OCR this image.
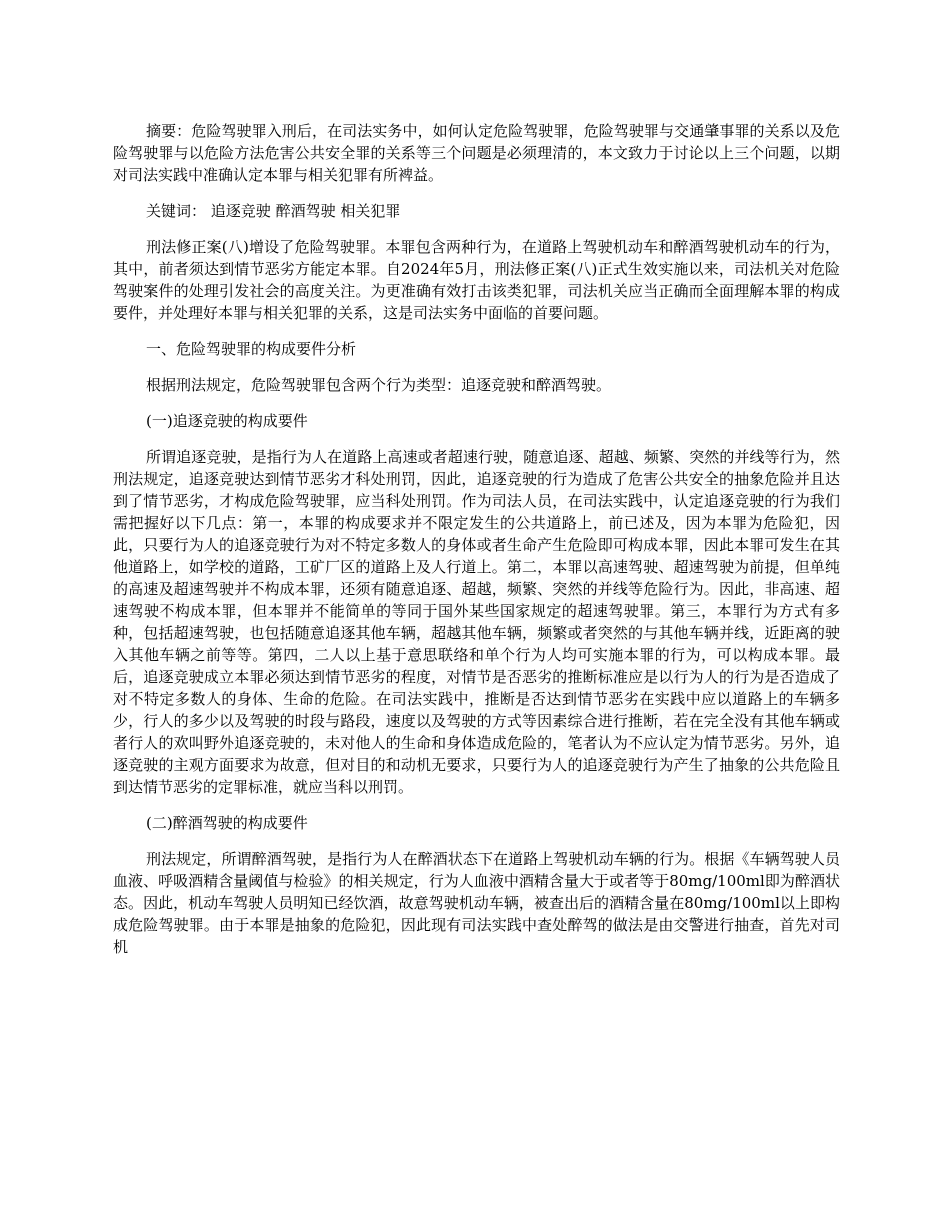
摘要：危险驾驶罪入刑后，在司法实务中，如何认定危险驾驶罪，危险驾驶罪与交通肇事罪的关系以及危险驾驶罪与以危险方法危害公共安全罪的关系等三个问题是必须理清的，本文致力于讨论以上三个问题，以期对司法实践中准确认定本罪与相关犯罪有所裨益。

关键词： 追逐竞驶 醉酒驾驶 相关犯罪

刑法修正案(八)增设了危险驾驶罪。本罪包含两种行为，在道路上驾驶机动车和醉酒驾驶机动车的行为，其中，前者须达到情节恶劣方能定本罪。自2024年5月，刑法修正案(八)正式生效实施以来，司法机关对危险驾驶案件的处理引发社会的高度关注。为更准确有效打击该类犯罪，司法机关应当正确而全面理解本罪的构成要件，并处理好本罪与相关犯罪的关系，这是司法实务中面临的首要问题。

一、危险驾驶罪的构成要件分析

根据刑法规定，危险驾驶罪包含两个行为类型：追逐竞驶和醉酒驾驶。

(一)追逐竞驶的构成要件

所谓追逐竞驶，是指行为人在道路上高速或者超速行驶，随意追逐、超越、频繁、突然的并线等行为，然刑法规定，追逐竞驶达到情节恶劣才科处刑罚，因此，追逐竞驶的行为造成了危害公共安全的抽象危险并且达到了情节恶劣，才构成危险驾驶罪，应当科处刑罚。作为司法人员，在司法实践中，认定追逐竞驶的行为我们需把握好以下几点：第一，本罪的构成要求并不限定发生的公共道路上，前已述及，因为本罪为危险犯，因此，只要行为人的追逐竞驶行为对不特定多数人的身体或者生命产生危险即可构成本罪，因此本罪可发生在其他道路上，如学校的道路，工矿厂区的道路上及人行道上。第二，本罪以高速驾驶、超速驾驶为前提，但单纯的高速及超速驾驶并不构成本罪，还须有随意追逐、超越，频繁、突然的并线等危险行为。因此，非高速、超速驾驶不构成本罪，但本罪并不能简单的等同于国外某些国家规定的超速驾驶罪。第三，本罪行为方式有多种，包括超速驾驶，也包括随意追逐其他车辆，超越其他车辆，频繁或者突然的与其他车辆并线，近距离的驶入其他车辆之前等等。第四，二人以上基于意思联络和单个行为人均可实施本罪的行为，可以构成本罪。最后，追逐竞驶成立本罪必须达到情节恶劣的程度，对情节是否恶劣的推断标准应是以行为人的行为是否造成了对不特定多数人的身体、生命的危险。在司法实践中，推断是否达到情节恶劣在实践中应以道路上的车辆多少，行人的多少以及驾驶的时段与路段，速度以及驾驶的方式等因素综合进行推断，若在完全没有其他车辆或者行人的欢叫野外追逐竞驶的，未对他人的生命和身体造成危险的，笔者认为不应认定为情节恶劣。另外，追逐竞驶的主观方面要求为故意，但对目的和动机无要求，只要行为人的追逐竞驶行为产生了抽象的公共危险且到达情节恶劣的定罪标准，就应当科以刑罚。

(二)醉酒驾驶的构成要件

刑法规定，所谓醉酒驾驶，是指行为人在醉酒状态下在道路上驾驶机动车辆的行为。根据《车辆驾驶人员血液、呼吸酒精含量阈值与检验》的相关规定，行为人血液中酒精含量大于或者等于80mg/100ml即为醉酒状态。因此，机动车驾驶人员明知已经饮酒，故意驾驶机动车辆，被查出后的酒精含量在80mg/100ml以上即构成危险驾驶罪。由于本罪是抽象的危险犯，因此现有司法实践中查处醉驾的做法是由交警进行抽查，首先对司机
